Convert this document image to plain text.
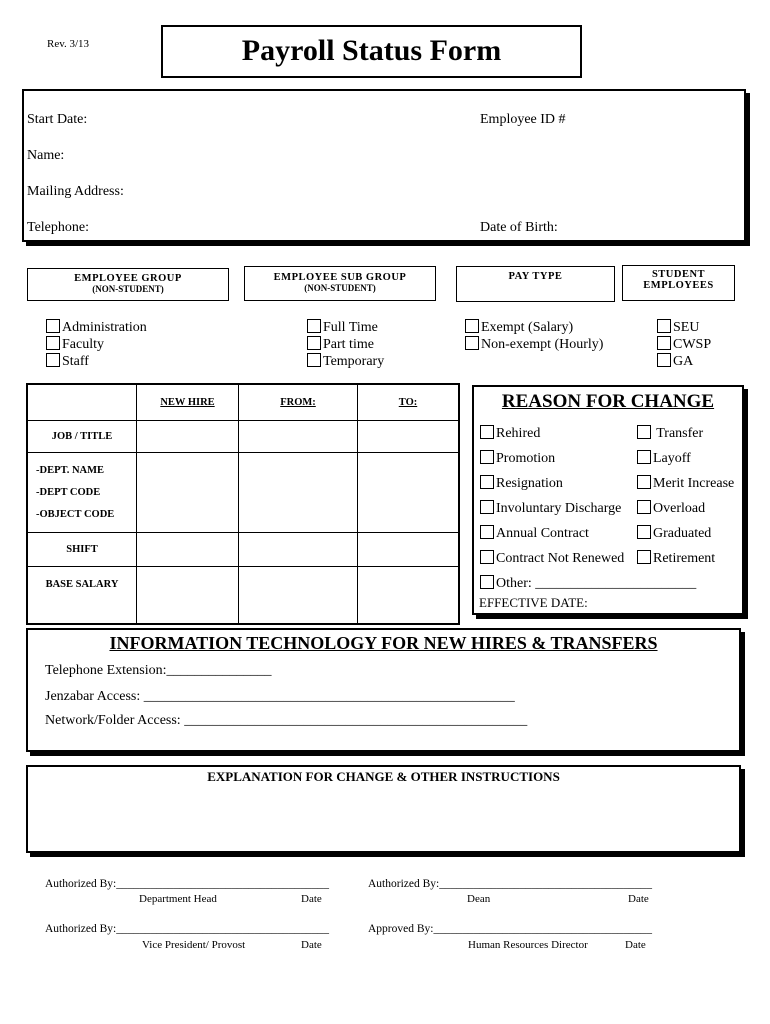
Rev. 3/13	Payroll Status Form
Start Date:	Employee ID #
Name:
Mailing Address:
Telephone:	Date of Birth:
EMPLOYEE GROUP
(NON-STUDENT)
EMPLOYEE SUB GROUP
(NON-STUDENT)
PAY TYPE	STUDENT
EMPLOYEES
Administration
Faculty
Staff
Full Time
Part time
Temporary
Exempt (Salary)
Non-exempt (Hourly)
SEU
CWSP
GA
	NEW HIRE	FROM:	TO:
JOB / TITLE			

-DEPT. NAME
-DEPT CODE
-OBJECT CODE			

SHIFT			
BASE SALARY			
REASON FOR CHANGE
Rehired
Promotion
Resignation
Involuntary Discharge
Annual Contract
Contract Not Renewed
Other: _______________________
Transfer
Layoff
Merit Increase
Overload
Graduated
Retirement
EFFECTIVE DATE:
INFORMATION TECHNOLOGY FOR NEW HIRES & TRANSFERS
Telephone Extension:_______________
Jenzabar Access: _____________________________________________________
Network/Folder Access: _________________________________________________
EXPLANATION FOR CHANGE & OTHER INSTRUCTIONS
Authorized By:_____________________________________
Department Head	Date
Authorized By:_____________________________________
Dean	Date
Authorized By:_____________________________________
Vice President/ Provost	Date
Approved By:______________________________________
Human Resources Director	Date
